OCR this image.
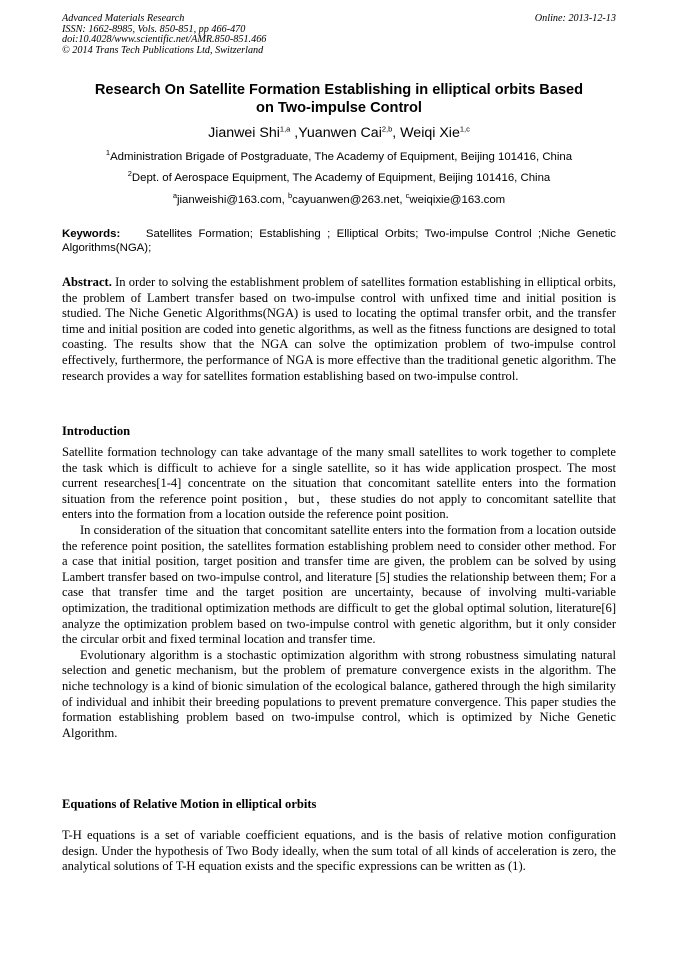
Advanced Materials Research
ISSN: 1662-8985, Vols. 850-851, pp 466-470
doi:10.4028/www.scientific.net/AMR.850-851.466
© 2014 Trans Tech Publications Ltd, Switzerland
Online: 2013-12-13
Research On Satellite Formation Establishing in elliptical orbits Based
on Two-impulse Control
Jianwei Shi$^{1,a}$ ,Yuanwen Cai$^{2,b}$, Weiqi Xie$^{1,c}$
$^1$Administration Brigade of Postgraduate, The Academy of Equipment, Beijing 101416, China
$^2$Dept. of Aerospace Equipment, The Academy of Equipment, Beijing 101416, China
$^a$jianweishi@163.com, $^b$cayuanwen@263.net, $^c$weiqixie@163.com
Keywords: Satellites Formation; Establishing ; Elliptical Orbits; Two-impulse Control ;Niche Genetic Algorithms(NGA);
Abstract. In order to solving the establishment problem of satellites formation establishing in elliptical orbits, the problem of Lambert transfer based on two-impulse control with unfixed time and initial position is studied. The Niche Genetic Algorithms(NGA) is used to locating the optimal transfer orbit, and the transfer time and initial position are coded into genetic algorithms, as well as the fitness functions are designed to total coasting. The results show that the NGA can solve the optimization problem of two-impulse control effectively, furthermore, the performance of NGA is more effective than the traditional genetic algorithm. The research provides a way for satellites formation establishing based on two-impulse control.
Introduction

Satellite formation technology can take advantage of the many small satellites to work together to complete the task which is difficult to achieve for a single satellite, so it has wide application prospect. The most current researches[1-4] concentrate on the situation that concomitant satellite enters into the formation situation from the reference point position，but，these studies do not apply to concomitant satellite that enters into the formation from a location outside the reference point position.

In consideration of the situation that concomitant satellite enters into the formation from a location outside the reference point position, the satellites formation establishing problem need to consider other method. For a case that initial position, target position and transfer time are given, the problem can be solved by using Lambert transfer based on two-impulse control, and literature [5] studies the relationship between them; For a case that transfer time and the target position are uncertainty, because of involving multi-variable optimization, the traditional optimization methods are difficult to get the global optimal solution, literature[6] analyze the optimization problem based on two-impulse control with genetic algorithm, but it only consider the circular orbit and fixed terminal location and transfer time.

Evolutionary algorithm is a stochastic optimization algorithm with strong robustness simulating natural selection and genetic mechanism, but the problem of premature convergence exists in the algorithm. The niche technology is a kind of bionic simulation of the ecological balance, gathered through the high similarity of individual and inhibit their breeding populations to prevent premature convergence. This paper studies the formation establishing problem based on two-impulse control, which is optimized by Niche Genetic Algorithm.

Equations of Relative Motion in elliptical orbits

T-H equations is a set of variable coefficient equations, and is the basis of relative motion configuration design. Under the hypothesis of Two Body ideally, when the sum total of all kinds of acceleration is zero, the analytical solutions of T-H equation exists and the specific expressions can be written as (1).
